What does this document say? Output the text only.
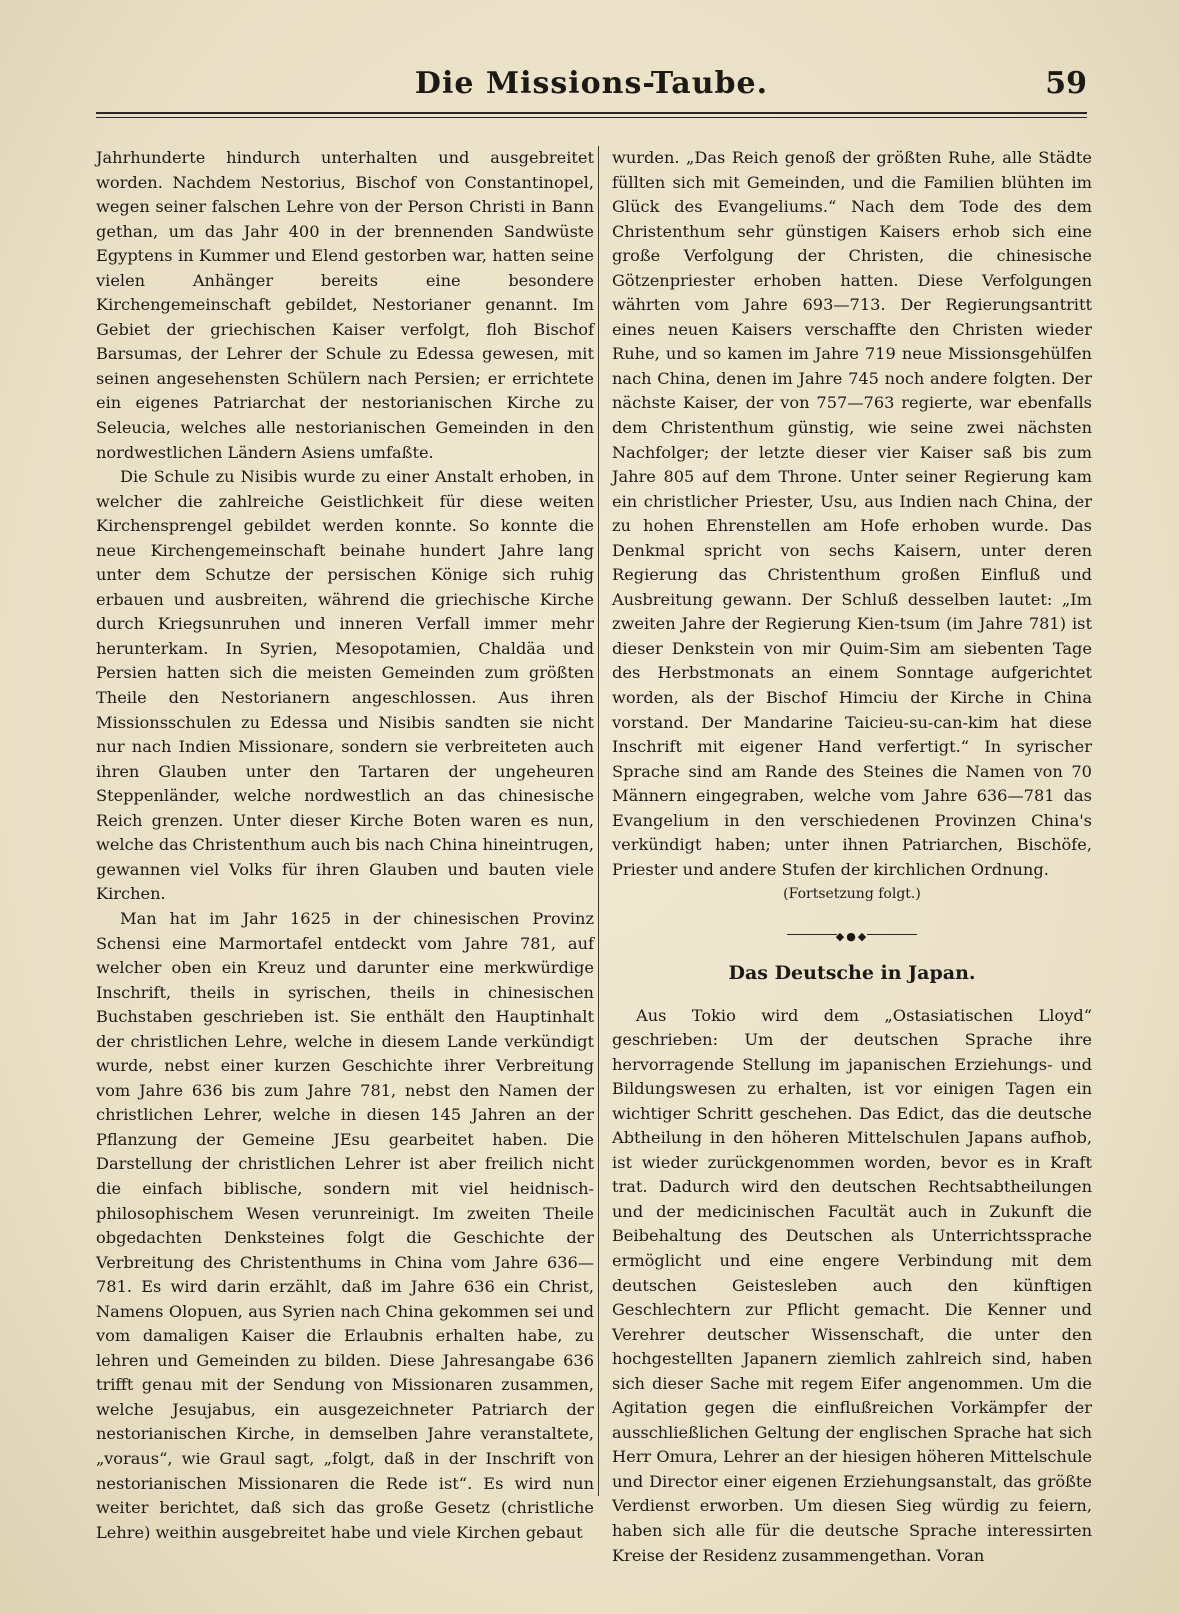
Die Missions-Taube.	59

Jahrhunderte hindurch unterhalten und ausgebreitet worden. Nachdem Nestorius, Bischof von Constantinopel, wegen seiner falschen Lehre von der Person Christi in Bann gethan, um das Jahr 400 in der brennenden Sandwüste Egyptens in Kummer und Elend gestorben war, hatten seine vielen Anhänger bereits eine besondere Kirchengemeinschaft gebildet, Nestorianer genannt. Im Gebiet der griechischen Kaiser verfolgt, floh Bischof Barsumas, der Lehrer der Schule zu Edessa gewesen, mit seinen angesehensten Schülern nach Persien; er errichtete ein eigenes Patriarchat der nestorianischen Kirche zu Seleucia, welches alle nestorianischen Gemeinden in den nordwestlichen Ländern Asiens umfaßte.

Die Schule zu Nisibis wurde zu einer Anstalt erhoben, in welcher die zahlreiche Geistlichkeit für diese weiten Kirchensprengel gebildet werden konnte. So konnte die neue Kirchengemeinschaft beinahe hundert Jahre lang unter dem Schutze der persischen Könige sich ruhig erbauen und ausbreiten, während die griechische Kirche durch Kriegsunruhen und inneren Verfall immer mehr herunterkam. In Syrien, Mesopotamien, Chaldäa und Persien hatten sich die meisten Gemeinden zum größten Theile den Nestorianern angeschlossen. Aus ihren Missionsschulen zu Edessa und Nisibis sandten sie nicht nur nach Indien Missionare, sondern sie verbreiteten auch ihren Glauben unter den Tartaren der ungeheuren Steppenländer, welche nordwestlich an das chinesische Reich grenzen. Unter dieser Kirche Boten waren es nun, welche das Christenthum auch bis nach China hineintrugen, gewannen viel Volks für ihren Glauben und bauten viele Kirchen.

Man hat im Jahr 1625 in der chinesischen Provinz Schensi eine Marmortafel entdeckt vom Jahre 781, auf welcher oben ein Kreuz und darunter eine merkwürdige Inschrift, theils in syrischen, theils in chinesischen Buchstaben geschrieben ist. Sie enthält den Hauptinhalt der christlichen Lehre, welche in diesem Lande verkündigt wurde, nebst einer kurzen Geschichte ihrer Verbreitung vom Jahre 636 bis zum Jahre 781, nebst den Namen der christlichen Lehrer, welche in diesen 145 Jahren an der Pflanzung der Gemeine JEsu gearbeitet haben. Die Darstellung der christlichen Lehrer ist aber freilich nicht die einfach biblische, sondern mit viel heidnisch-philosophischem Wesen verunreinigt. Im zweiten Theile obgedachten Denksteines folgt die Geschichte der Verbreitung des Christenthums in China vom Jahre 636—781. Es wird darin erzählt, daß im Jahre 636 ein Christ, Namens Olopuen, aus Syrien nach China gekommen sei und vom damaligen Kaiser die Erlaubnis erhalten habe, zu lehren und Gemeinden zu bilden. Diese Jahresangabe 636 trifft genau mit der Sendung von Missionaren zusammen, welche Jesujabus, ein ausgezeichneter Patriarch der nestorianischen Kirche, in demselben Jahre veranstaltete, „voraus“, wie Graul sagt, „folgt, daß in der Inschrift von nestorianischen Missionaren die Rede ist“. Es wird nun weiter berichtet, daß sich das große Gesetz (christliche Lehre) weithin ausgebreitet habe und viele Kirchen gebaut

wurden. „Das Reich genoß der größten Ruhe, alle Städte füllten sich mit Gemeinden, und die Familien blühten im Glück des Evangeliums.“ Nach dem Tode des dem Christenthum sehr günstigen Kaisers erhob sich eine große Verfolgung der Christen, die chinesische Götzenpriester erhoben hatten. Diese Verfolgungen währten vom Jahre 693—713. Der Regierungsantritt eines neuen Kaisers verschaffte den Christen wieder Ruhe, und so kamen im Jahre 719 neue Missionsgehülfen nach China, denen im Jahre 745 noch andere folgten. Der nächste Kaiser, der von 757—763 regierte, war ebenfalls dem Christenthum günstig, wie seine zwei nächsten Nachfolger; der letzte dieser vier Kaiser saß bis zum Jahre 805 auf dem Throne. Unter seiner Regierung kam ein christlicher Priester, Usu, aus Indien nach China, der zu hohen Ehrenstellen am Hofe erhoben wurde. Das Denkmal spricht von sechs Kaisern, unter deren Regierung das Christenthum großen Einfluß und Ausbreitung gewann. Der Schluß desselben lautet: „Im zweiten Jahre der Regierung Kien-tsum (im Jahre 781) ist dieser Denkstein von mir Quim-Sim am siebenten Tage des Herbstmonats an einem Sonntage aufgerichtet worden, als der Bischof Himciu der Kirche in China vorstand. Der Mandarine Taicieu-su-can-kim hat diese Inschrift mit eigener Hand verfertigt.“ In syrischer Sprache sind am Rande des Steines die Namen von 70 Männern eingegraben, welche vom Jahre 636—781 das Evangelium in den verschiedenen Provinzen China's verkündigt haben; unter ihnen Patriarchen, Bischöfe, Priester und andere Stufen der kirchlichen Ordnung.

(Fortsetzung folgt.)

◆●◆
Das Deutsche in Japan.

Aus Tokio wird dem „Ostasiatischen Lloyd“ geschrieben: Um der deutschen Sprache ihre hervorragende Stellung im japanischen Erziehungs- und Bildungswesen zu erhalten, ist vor einigen Tagen ein wichtiger Schritt geschehen. Das Edict, das die deutsche Abtheilung in den höheren Mittelschulen Japans aufhob, ist wieder zurückgenommen worden, bevor es in Kraft trat. Dadurch wird den deutschen Rechtsabtheilungen und der medicinischen Facultät auch in Zukunft die Beibehaltung des Deutschen als Unterrichtssprache ermöglicht und eine engere Verbindung mit dem deutschen Geistesleben auch den künftigen Geschlechtern zur Pflicht gemacht. Die Kenner und Verehrer deutscher Wissenschaft, die unter den hochgestellten Japanern ziemlich zahlreich sind, haben sich dieser Sache mit regem Eifer angenommen. Um die Agitation gegen die einflußreichen Vorkämpfer der ausschließlichen Geltung der englischen Sprache hat sich Herr Omura, Lehrer an der hiesigen höheren Mittelschule und Director einer eigenen Erziehungsanstalt, das größte Verdienst erworben. Um diesen Sieg würdig zu feiern, haben sich alle für die deutsche Sprache interessirten Kreise der Residenz zusammengethan. Voran
